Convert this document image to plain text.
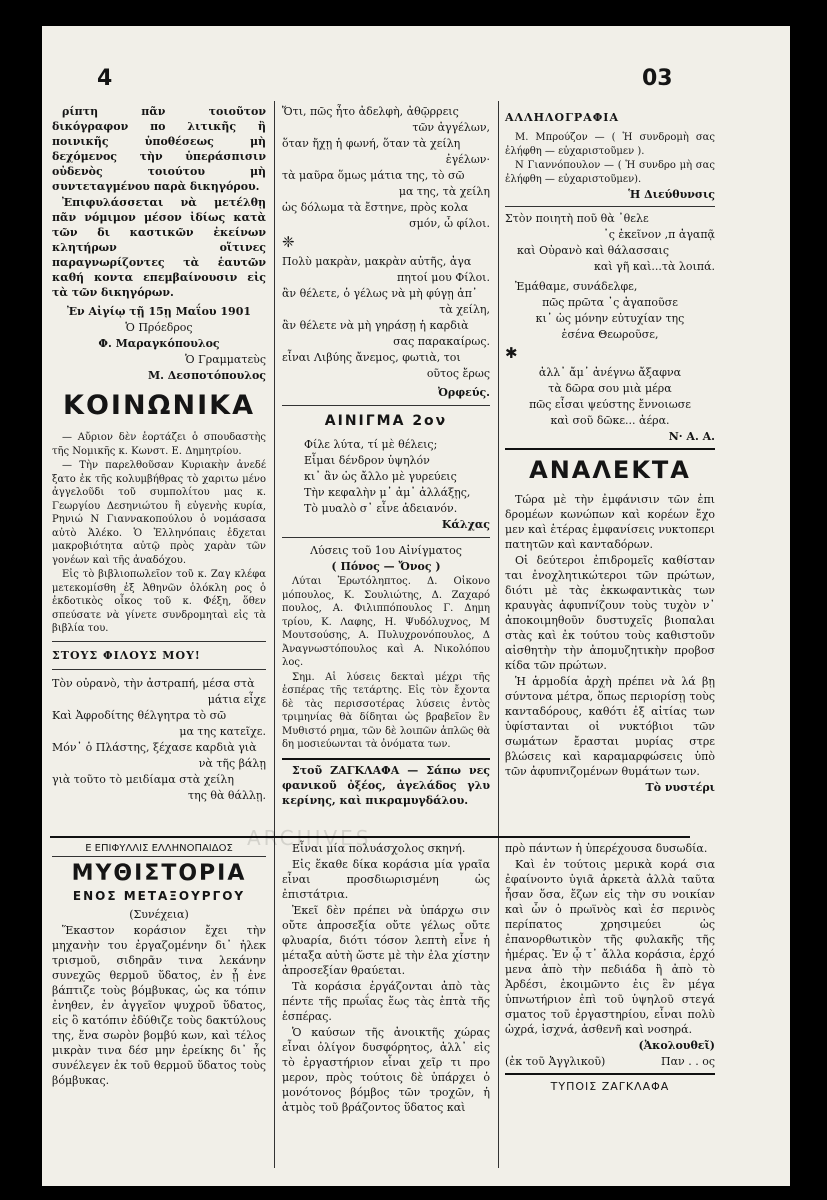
4	03

ρίπτη πᾶν τοιοῦτον δικόγραφον πο λιτικῆς ἢ ποινικῆς ὑποθέσεως μὴ δεχόμενος τὴν ὑπεράσπισιν οὐδενὸς τοιούτου μὴ συντεταγμένου παρὰ δικηγόρου.

Ἐπιφυλάσσεται νὰ μετέλθῃ πᾶν νόμιμον μέσον ἰδίως κατὰ τῶν δι καστικῶν ἐκείνων κλητήρων οἵτινες παραγνωρίζοντες τὰ ἑαυτῶν καθή κοντα επεμβαίνουσιν εἰς τὰ τῶν δικηγόρων.

Ἐν Αἰγίῳ τῇ 15ῃ Μαΐου 1901

Ὁ Πρόεδρος

Φ. Μαραγκόπουλος

Ὁ Γραμματεὺς

Μ. Δεσποτόπουλος

ΚΟΙΝΩΝΙΚΑ

— Αὔριον δὲν ἑορτάζει ὁ σπουδαστὴς τῆς Νομικῆς κ. Κωνστ. Ε. Δημητρίου.

— Τὴν παρελθοῦσαν Κυριακὴν ἀνεδέ ξατο ἐκ τῆς κολυμβήθρας τὸ χαριτω μένο ἀγγελοῦδι τοῦ συμπολίτου μας κ. Γεωργίου Δεσηνιώτου ἢ εὐγενὴς κυρία, Ρηνιώ Ν Γιαννακοπούλου ὀ νομάσασα αὐτὸ Ἀλέκο. Ὁ Ἑλληνόπαις ἐδχεται μακροβιότητα αὐτῷ πρὸς χαρὰν τῶν γονέων καὶ τῆς ἀναδόχου.

Εἰς τὸ βιβλιοπωλεῖον τοῦ κ. Ζαγ κλέφα μετεκομίσθη ἐξ Ἀθηνῶν ὁλόκλη ρος ὁ ἐκδοτικὸς οἶκος τοῦ κ. Φέξη, ὅθεν σπεύσατε νὰ γίνετε συνδρομηταὶ εἰς τὰ βιβλία του.

ΣΤΟΥΣ ΦΙΛΟΥΣ ΜΟΥ!

Τὸν οὐρανὸ, τὴν ἀστραπή, μέσα στὰ

μάτια εἶχε

Καὶ Ἀφροδίτης θέλγητρα τὸ σῶ

μα της κατεῖχε.

Μόν᾽ ὁ Πλάστης, ξέχασε καρδιὰ γιὰ

νὰ τῆς βάλῃ

γιὰ τοῦτο τὸ μειδίαμα στὰ χείλη

της θὰ θάλλῃ.

Ὅτι, πῶς ἦτο ἀδελφὴ, ἀθῷρρεις

τῶν ἀγγέλων,

ὅταν ἤχῃ ἡ φωνή, ὅταν τὰ χείλη

ἐγέλων·

τὰ μαῦρα ὅμως μάτια της, τὸ σῶ

μα της, τὰ χείλη

ὡς δόλωμα τὰ ἔστηνε, πρὸς κολα

σμόν, ὦ φίλοι.

❈

Πολὺ μακρὰν, μακρὰν αὐτῆς, ἀγα

πητοί μου Φίλοι.

ἂν θέλετε, ὁ γέλως νὰ μὴ φύγῃ ἀπ᾽

τὰ χείλη,

ἂν θέλετε νὰ μὴ γηράσῃ ἡ καρδιὰ

σας παρακαίρως.

εἶναι Λιβύης ἄνεμος, φωτιὰ, τοι

οῦτος ἔρως

Ὀρφεύς.

ΑΙΝΙΓΜΑ 2ον

Φίλε λύτα, τί μὲ θέλεις;

Εἶμαι δένδρον ὑψηλόν

κι᾽ ἂν ὡς ἄλλο μὲ γυρεύεις

Τὴν κεφαλὴν μ᾽ ἀμ᾽ ἀλλάξῃς,

Τὸ μυαλὸ σ᾽ εἶνε ἀδειανόν.

Κάλχας

Λύσεις τοῦ 1ου Αἰνίγματος

( Πόνος — Ὄνος )

Λύται Ἐρωτόληπτος. Δ. Οἰκονο μόπουλος, Κ. Σουλιώτης, Δ. Ζαχαρό πουλος, Α. Φιλιππόπουλος Γ. Δημη τρίου, Κ. Λαφης, Η. Ψυδόλυχνος, Μ Μουτσούσης, Α. Πυλυχρονόπουλος, Δ Ἀναγνωστόπουλος καὶ Α. Νικολόπου λος.

Σημ. Αἱ λύσεις δεκταὶ μέχρι τῆς ἑσπέρας τῆς τετάρτης. Εἰς τὸν ἔχοντα δὲ τὰς περισσοτέρας λύσεις ἐντὸς τριμηνίας θὰ δίδηται ὡς βραβεῖον ἓν Μυθιστό ρημα, τῶν δὲ λοιπῶν ἁπλῶς θὰ δη μοσιεύωνται τὰ ὀνόματα των.

Στοῦ ΖΑΓΚΛΑΦΑ — Σάπω νες φανικοῦ ὀξέος, ἀγελάδος γλυ κερίνης, καὶ πικραμυγδάλου.

ΑΛΛΗΛΟΓΡΑΦΙΑ

Μ. Μπρούζον — ( Ἡ συνδρομὴ σας ἐλήφθη — εὐχαριστοῦμεν ).

Ν Γιαννόπουλον — ( Ἡ συνδρο μὴ σας ἐλήφθη — εὐχαριστοῦμεν).

Ἡ Διεύθυνσις

Στὸν ποιητὴ ποῦ θὰ ᾽θελε

᾽ς ἐκεῖνον ,π ἀγαπᾷ

καὶ Οὐρανὸ καὶ θάλασσαις

καὶ γῆ καὶ...τὰ λοιπά.

Ἐμάθαμε, συνάδελφε,

πῶς πρῶτα ᾽ς ἀγαποῦσε

κι᾽ ὡς μόνην εὐτυχίαν της

ἐσένα Θεωροῦσε,

✱

ἀλλ᾽ ἄμ᾽ ἀνέγνω ἄξαφνα

τὰ δῶρα σου μιὰ μέρα

πῶς εἶσαι ψεύστης ἔννοιωσε

καὶ σοῦ δῶκε... ἀέρα.

Ν· Α. Α.

ΑΝΑΛΕΚΤΑ

Τώρα μὲ τὴν ἐμφάνισιν τῶν ἐπι δρομέων κωνώπων καὶ κορέων ἔχο μεν καὶ ἑτέρας ἐμφανίσεις νυκτοπερι πατητῶν καὶ κανταδόρων.

Οἱ δεύτεροι ἐπιδρομεῖς καθίσταν ται ἐνοχλητικώτεροι τῶν πρώτων, διότι μὲ τὰς ἐκκωφαντικὰς των κραυγὰς ἀφυπνίζουν τοὺς τυχὸν ν᾽ ἀποκοιμηθοῦν δυστυχεῖς βιοπαλαι στὰς καὶ ἐκ τούτου τοὺς καθιστοῦν αἰσθητὴν τὴν ἀπομυζητικὴν προβοσ κίδα τῶν πρώτων.

Ἡ ἁρμοδία ἀρχὴ πρέπει νὰ λά βῃ σύντονα μέτρα, ὅπως περιορίσῃ τοὺς κανταδόρους, καθότι ἐξ αἰτίας των ὑφίστανται οἱ νυκτόβιοι τῶν σωμάτων ἔρασται μυρίας στρε βλώσεις καὶ καραμαρφώσεις ὑπὸ τῶν ἀφυπνιζομένων θυμάτων των.

Τὸ νυστέρι

Ε ΕΠΙΦΥΛΛΙΣ ΕΛΛΗΝΟΠΑΙΔΟΣ

ΜΥΘΙΣΤΟΡΙΑ
ΕΝΟΣ ΜΕΤΑΞΟΥΡΓΟΥ

(Συνέχεια)

Ἕκαστον κοράσιον ἔχει τὴν μηχανὴν του ἐργαζομένην δι᾽ ἠλεκ τρισμοῦ, σιδηρᾶν τινα λεκάνην συνεχῶς θερμοῦ ὕδατος, ἐν ᾗ ἐνε βάπτιζε τοὺς βόμβυκας, ὡς κα τόπιν ἐνηθεν, ἐν ἀγγεῖον ψυχροῦ ὕδατος, εἰς ὃ κατόπιν ἐδύθιζε τοὺς δακτύλους της, ἕνα σωρὸν βομβύ κων, καὶ τέλος μικρὰν τινα δέσ μην ἐρείκης δι᾽ ἧς συνέλεγεν ἐκ τοῦ θερμοῦ ὕδατος τοὺς βόμβυκας.

Εἶναι μία πολυάσχολος σκηνή.

Εἰς ἕκαθε δίκα κοράσια μία γραῖα εἶναι προσδιωρισμένη ὡς ἐπιστάτρια.

Ἐκεῖ δὲν πρέπει νὰ ὑπάρχω σιν οὔτε ἀπροσεξία οὔτε γέλως οὔτε φλυαρία, διότι τόσον λεπτὴ εἶνε ἡ μέταξα αὐτὴ ὥστε μὲ τὴν ἐλα χίστην ἀπροσεξίαν θραύεται.

Τὰ κοράσια ἐργάζονται ἀπὸ τὰς πέντε τῆς πρωΐας ἕως τὰς ἑπτὰ τῆς ἑσπέρας.

Ὁ καύσων τῆς ἀνοικτῆς χώρας εἶναι ὀλίγον δυσφόρητος, ἀλλ᾽ εἰς τὸ ἐργαστήριον εἶναι χεῖρ τι προ μερον, πρὸς τούτοις δὲ ὑπάρχει ὁ μονότονος βόμβος τῶν τροχῶν, ἡ ἀτμὸς τοῦ βράζοντος ὕδατος καὶ

πρὸ πάντων ἡ ὑπερέχουσα δυσωδία.

Καὶ ἐν τούτοις μερικὰ κορά σια ἐφαίνοντο ὑγιᾶ ἀρκετὰ ἀλλὰ ταῦτα ἦσαν ὅσα, ἔζων εἰς τὴν συ νοικίαν καὶ ὧν ὁ πρωϊνὸς καὶ ἑσ περινὸς περίπατος χρησιμεύει ὡς ἐπανορθωτικὸν τῆς φυλακῆς τῆς ἡμέρας. Ἐν ᾧ τ᾽ ἄλλα κοράσια, ἐρχό μενα ἀπὸ τὴν πεδιάδα ἢ ἀπὸ τὸ Ἀρδέσι, ἐκοιμῶντο ἐις ἓν μέγα ὑπνωτήριον ἐπὶ τοῦ ὑψηλοῦ στεγά σματος τοῦ ἐργαστηρίου, εἶναι πολὺ ὠχρά, ἰσχνά, ἀσθενῆ καὶ νοσηρά.

(Ἀκολουθεῖ)

(ἐκ τοῦ Ἀγγλικοῦ)	Παν . . ος

ΤΥΠΟΙΣ ΖΑΓΚΛΑΦΑ

ARCHIVES
